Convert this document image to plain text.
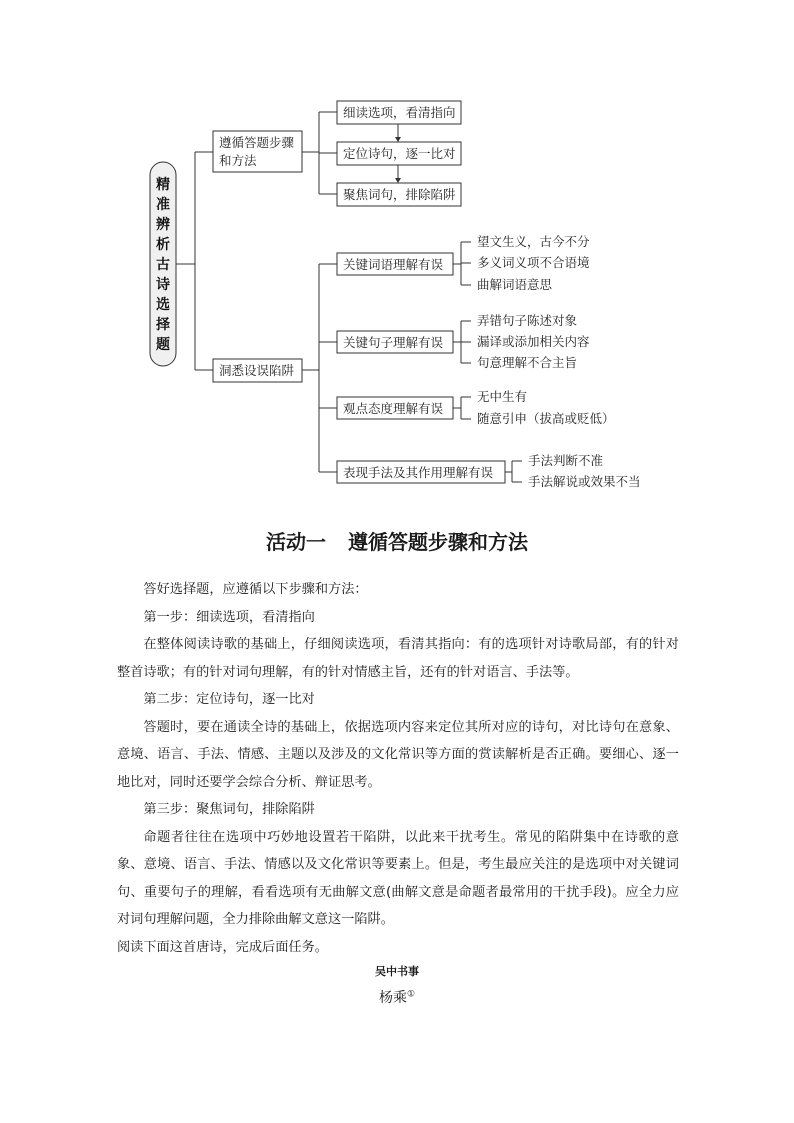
精
准
辨
析
古
诗
选
择
题
遵循答题步骤
和方法
细读选项，看清指向
定位诗句，逐一比对
聚焦词句，排除陷阱
洞悉设误陷阱
关键词语理解有误
望文生义，古今不分
多义词义项不合语境
曲解词语意思
关键句子理解有误
弄错句子陈述对象
漏译或添加相关内容
句意理解不合主旨
观点态度理解有误
无中生有
随意引申（拔高或贬低）
表现手法及其作用理解有误
手法判断不准
手法解说或效果不当
活动一 遵循答题步骤和方法

答好选择题，应遵循以下步骤和方法：

第一步：细读选项，看清指向

在整体阅读诗歌的基础上，仔细阅读选项，看清其指向：有的选项针对诗歌局部，有的针对整首诗歌；有的针对词句理解，有的针对情感主旨，还有的针对语言、手法等。

第二步：定位诗句，逐一比对

答题时，要在通读全诗的基础上，依据选项内容来定位其所对应的诗句，对比诗句在意象、意境、语言、手法、情感、主题以及涉及的文化常识等方面的赏读解析是否正确。要细心、逐一地比对，同时还要学会综合分析、辩证思考。

第三步：聚焦词句，排除陷阱

命题者往往在选项中巧妙地设置若干陷阱，以此来干扰考生。常见的陷阱集中在诗歌的意象、意境、语言、手法、情感以及文化常识等要素上。但是，考生最应关注的是选项中对关键词句、重要句子的理解，看看选项有无曲解文意(曲解文意是命题者最常用的干扰手段)。应全力应对词句理解问题，全力排除曲解文意这一陷阱。

阅读下面这首唐诗，完成后面任务。

吴中书事
杨乘①
